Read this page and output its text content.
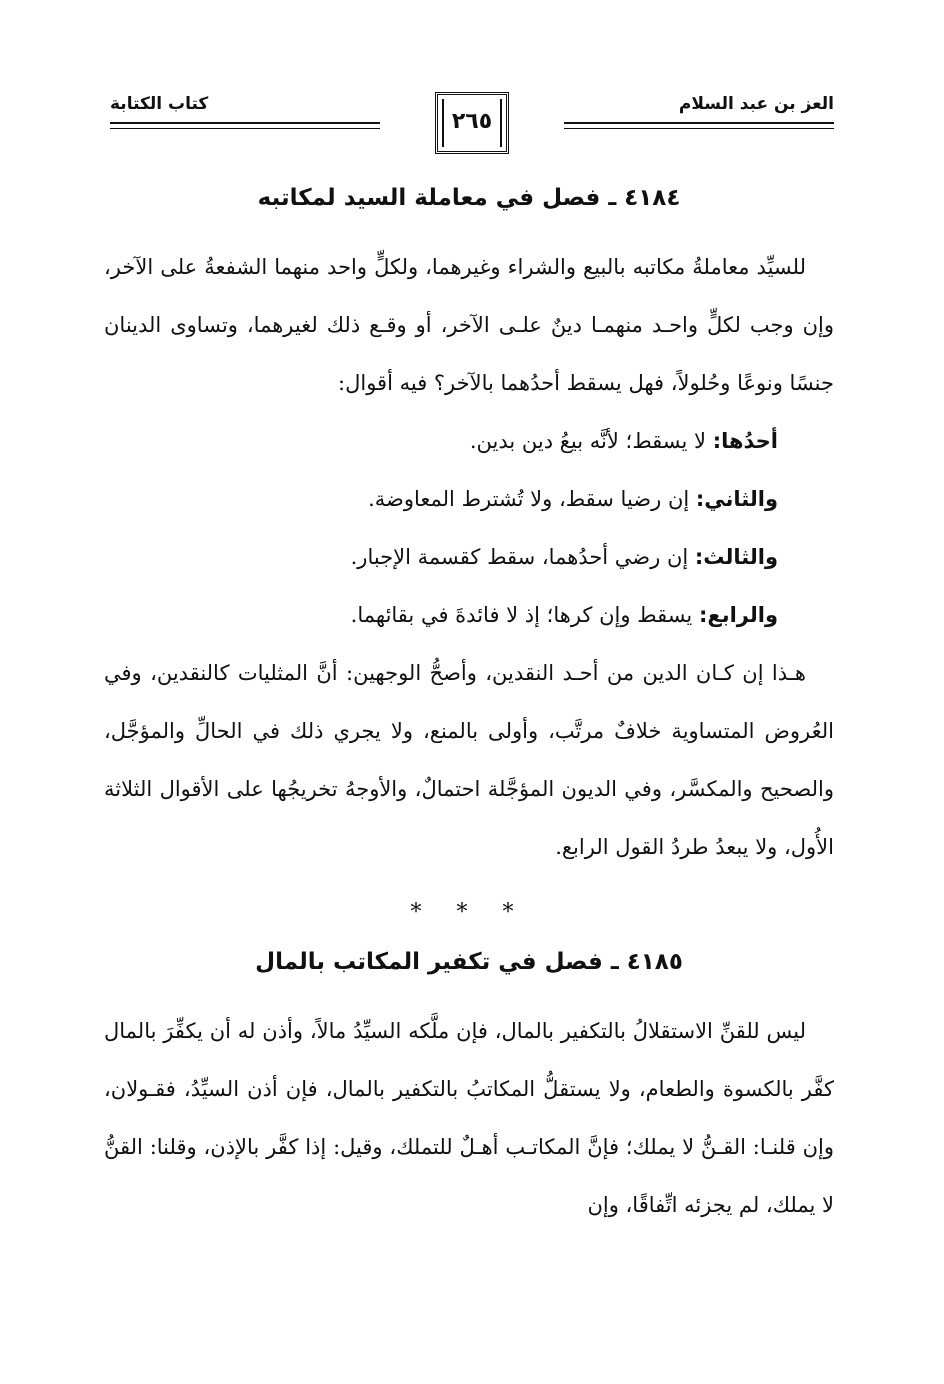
العز بن عبد السلام
٢٦٥
كتاب الكتابة
٤١٨٤ ـ فصل في معاملة السيد لمكاتبه

للسيِّد معاملةُ مكاتبه بالبيع والشراء وغيرهما، ولكلٍّ واحد منهما الشفعةُ على الآخر، وإن وجب لكلٍّ واحـد منهمـا دينٌ علـى الآخر، أو وقـع ذلك لغيرهما، وتساوى الدينان جنسًا ونوعًا وحُلولاً، فهل يسقط أحدُهما بالآخر؟ فيه أقوال:

أحدُها: لا يسقط؛ لأنَّه بيعُ دين بدين.

والثاني: إن رضيا سقط، ولا تُشترط المعاوضة.

والثالث: إن رضي أحدُهما، سقط كقسمة الإجبار.

والرابع: يسقط وإن كرها؛ إذ لا فائدةَ في بقائهما.

هـذا إن كـان الدين من أحـد النقدين، وأصحُّ الوجهين: أنَّ المثليات كالنقدين، وفي العُروض المتساوية خلافٌ مرتَّب، وأولى بالمنع، ولا يجري ذلك في الحالِّ والمؤجَّل، والصحيح والمكسَّر، وفي الديون المؤجَّلة احتمالٌ، والأوجهُ تخريجُها على الأقوال الثلاثة الأُول، ولا يبعدُ طردُ القول الرابع.

* * *
٤١٨٥ ـ فصل في تكفير المكاتب بالمال

ليس للقنِّ الاستقلالُ بالتكفير بالمال، فإن ملَّكه السيِّدُ مالاً، وأذن له أن يكفِّرَ بالمال كفَّر بالكسوة والطعام، ولا يستقلُّ المكاتبُ بالتكفير بالمال، فإن أذن السيِّدُ، فقـولان، وإن قلنـا: القـنُّ لا يملك؛ فإنَّ المكاتـب أهـلٌ للتملك، وقيل: إذا كفَّر بالإذن، وقلنا: القنُّ لا يملك، لم يجزئه اتِّفاقًا، وإن
